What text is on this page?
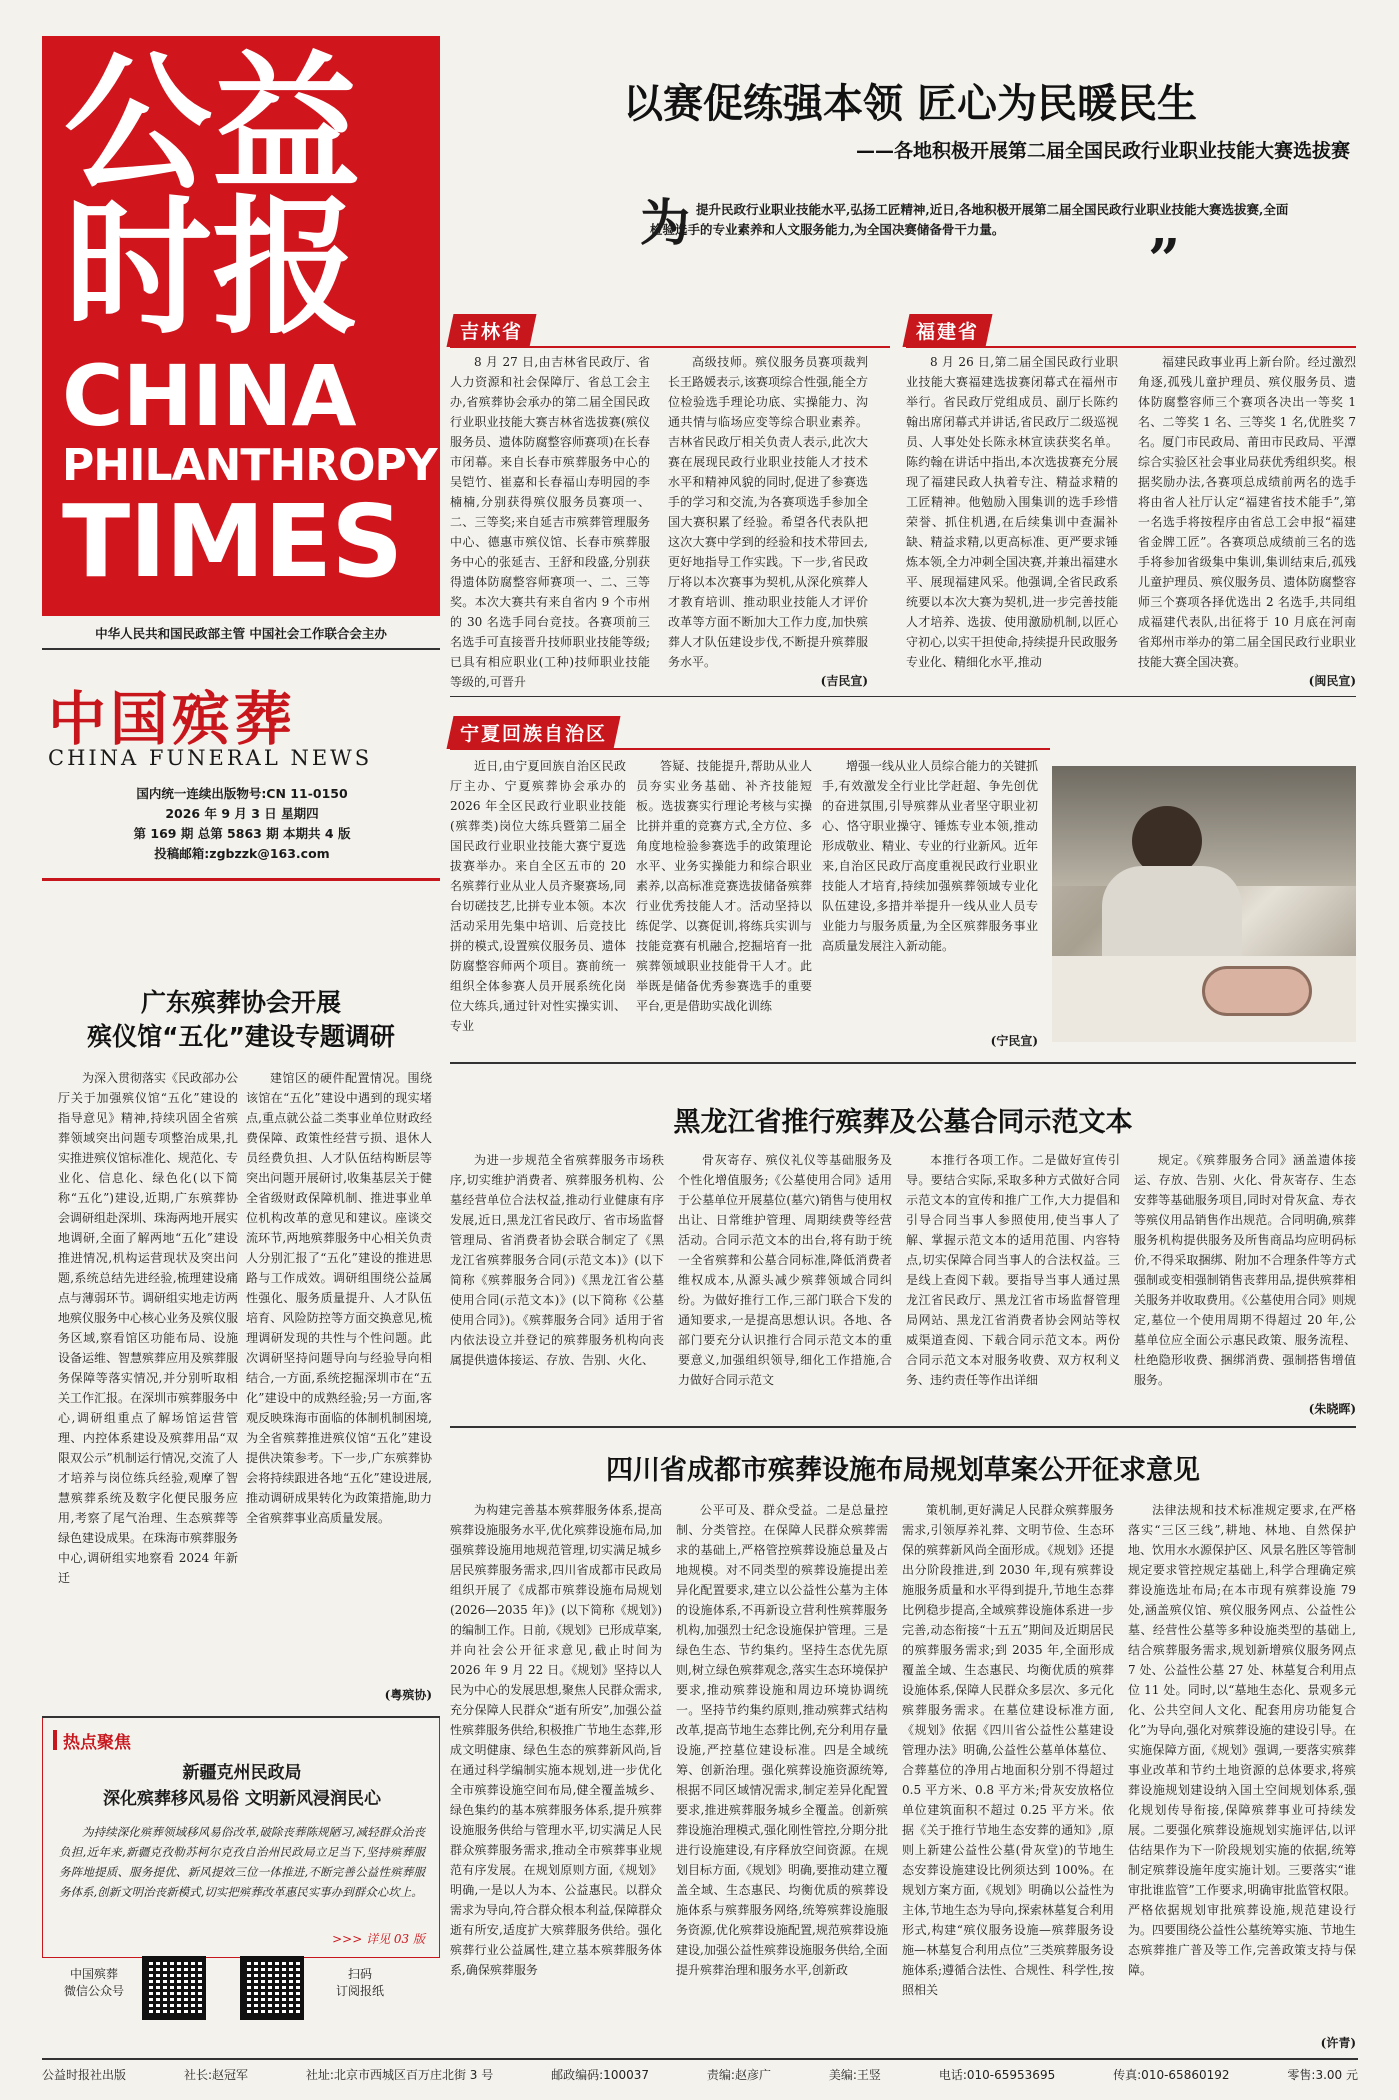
公益
时报
CHINA
PHILANTHROPY
TIMES
中华人民共和国民政部主管 中国社会工作联合会主办
中国殡葬
CHINA FUNERAL NEWS
国内统一连续出版物号:CN 11-0150
2026 年 9 月 3 日 星期四
第 169 期 总第 5863 期 本期共 4 版
投稿邮箱:zgbzzk@163.com
以赛促练强本领 匠心为民暖民生
——各地积极开展第二届全国民政行业职业技能大赛选拔赛
为 提升民政行业职业技能水平,弘扬工匠精神,近日,各地积极开展第二届全国民政行业职业技能大赛选拔赛,全面检验选手的专业素养和人文服务能力,为全国决赛储备骨干力量。	”
吉林省

8 月 27 日,由吉林省民政厅、省人力资源和社会保障厅、省总工会主办,省殡葬协会承办的第二届全国民政行业职业技能大赛吉林省选拔赛(殡仪服务员、遗体防腐整容师赛项)在长春市闭幕。来自长春市殡葬服务中心的吴铠竹、崔嘉和长春福山寿明园的李楠楠,分别获得殡仪服务员赛项一、二、三等奖;来自延吉市殡葬管理服务中心、德惠市殡仪馆、长春市殡葬服务中心的张延吉、王舒和段盛,分别获得遗体防腐整容师赛项一、二、三等奖。本次大赛共有来自省内 9 个市州的 30 名选手同台竞技。各赛项前三名选手可直接晋升技师职业技能等级;已具有相应职业(工种)技师职业技能等级的,可晋升

高级技师。殡仪服务员赛项裁判长王路媛表示,该赛项综合性强,能全方位检验选手理论功底、实操能力、沟通共情与临场应变等综合职业素养。吉林省民政厅相关负责人表示,此次大赛在展现民政行业职业技能人才技术水平和精神风貌的同时,促进了参赛选手的学习和交流,为各赛项选手参加全国大赛积累了经验。希望各代表队把这次大赛中学到的经验和技术带回去,更好地指导工作实践。下一步,省民政厅将以本次赛事为契机,从深化殡葬人才教育培训、推动职业技能人才评价改革等方面不断加大工作力度,加快殡葬人才队伍建设步伐,不断提升殡葬服务水平。

(吉民宣)
福建省

8 月 26 日,第二届全国民政行业职业技能大赛福建选拔赛闭幕式在福州市举行。省民政厅党组成员、副厅长陈约翰出席闭幕式并讲话,省民政厅二级巡视员、人事处处长陈永林宣读获奖名单。陈约翰在讲话中指出,本次选拔赛充分展现了福建民政人执着专注、精益求精的工匠精神。他勉励入围集训的选手珍惜荣誉、抓住机遇,在后续集训中查漏补缺、精益求精,以更高标准、更严要求锤炼本领,全力冲刺全国决赛,并兼出福建水平、展现福建风采。他强调,全省民政系统要以本次大赛为契机,进一步完善技能人才培养、选拔、使用激励机制,以匠心守初心,以实干担使命,持续提升民政服务专业化、精细化水平,推动

福建民政事业再上新台阶。经过激烈角逐,孤残儿童护理员、殡仪服务员、遗体防腐整容师三个赛项各决出一等奖 1 名、二等奖 1 名、三等奖 1 名,优胜奖 7 名。厦门市民政局、莆田市民政局、平潭综合实验区社会事业局获优秀组织奖。根据奖励办法,各赛项总成绩前两名的选手将由省人社厅认定“福建省技术能手”,第一名选手将按程序由省总工会申报“福建省金牌工匠”。各赛项总成绩前三名的选手将参加省级集中集训,集训结束后,孤残儿童护理员、殡仪服务员、遗体防腐整容师三个赛项各择优选出 2 名选手,共同组成福建代表队,出征将于 10 月底在河南省郑州市举办的第二届全国民政行业职业技能大赛全国决赛。

(闽民宣)
宁夏回族自治区

近日,由宁夏回族自治区民政厅主办、宁夏殡葬协会承办的 2026 年全区民政行业职业技能(殡葬类)岗位大练兵暨第二届全国民政行业职业技能大赛宁夏选拔赛举办。来自全区五市的 20 名殡葬行业从业人员齐聚赛场,同台切磋技艺,比拼专业本领。本次活动采用先集中培训、后竞技比拼的模式,设置殡仪服务员、遗体防腐整容师两个项目。赛前统一组织全体参赛人员开展系统化岗位大练兵,通过针对性实操实训、专业

答疑、技能提升,帮助从业人员夯实业务基础、补齐技能短板。选拔赛实行理论考核与实操比拼并重的竞赛方式,全方位、多角度地检验参赛选手的政策理论水平、业务实操能力和综合职业素养,以高标准竞赛选拔储备殡葬行业优秀技能人才。活动坚持以练促学、以赛促训,将练兵实训与技能竞赛有机融合,挖掘培育一批殡葬领域职业技能骨干人才。此举既是储备优秀参赛选手的重要平台,更是借助实战化训练

增强一线从业人员综合能力的关键抓手,有效激发全行业比学赶超、争先创优的奋进氛围,引导殡葬从业者坚守职业初心、恪守职业操守、锤炼专业本领,推动形成敬业、精业、专业的行业新风。近年来,自治区民政厅高度重视民政行业职业技能人才培育,持续加强殡葬领域专业化队伍建设,多措并举提升一线从业人员专业能力与服务质量,为全区殡葬服务事业高质量发展注入新动能。

(宁民宣)
广东殡葬协会开展
殡仪馆“五化”建设专题调研

为深入贯彻落实《民政部办公厅关于加强殡仪馆“五化”建设的指导意见》精神,持续巩固全省殡葬领域突出问题专项整治成果,扎实推进殡仪馆标准化、规范化、专业化、信息化、绿色化(以下简称“五化”)建设,近期,广东殡葬协会调研组赴深圳、珠海两地开展实地调研,全面了解两地“五化”建设推进情况,机构运营现状及突出问题,系统总结先进经验,梳理建设痛点与薄弱环节。调研组实地走访两地殡仪服务中心核心业务及殡仪服务区域,察看馆区功能布局、设施设备运维、智慧殡葬应用及殡葬服务保障等落实情况,并分别听取相关工作汇报。在深圳市殡葬服务中心,调研组重点了解场馆运营管理、内控体系建设及殡葬用品“双限双公示”机制运行情况,交流了人才培养与岗位练兵经验,观摩了智慧殡葬系统及数字化便民服务应用,考察了尾气治理、生态殡葬等绿色建设成果。在珠海市殡葬服务中心,调研组实地察看 2024 年新迁

建馆区的硬件配置情况。围绕该馆在“五化”建设中遇到的现实堵点,重点就公益二类事业单位财政经费保障、政策性经营亏损、退休人员经费负担、人才队伍结构断层等突出问题开展研讨,收集基层关于健全省级财政保障机制、推进事业单位机构改革的意见和建议。座谈交流环节,两地殡葬服务中心相关负责人分别汇报了“五化”建设的推进思路与工作成效。调研组围绕公益属性强化、服务质量提升、人才队伍培育、风险防控等方面交换意见,梳理调研发现的共性与个性问题。此次调研坚持问题导向与经验导向相结合,一方面,系统挖掘深圳市在“五化”建设中的成熟经验;另一方面,客观反映珠海市面临的体制机制困境,为全省殡葬推进殡仪馆“五化”建设提供决策参考。下一步,广东殡葬协会将持续跟进各地“五化”建设进展,推动调研成果转化为政策措施,助力全省殡葬事业高质量发展。

(粤殡协)
热点聚焦
新疆克州民政局
深化殡葬移风易俗 文明新风浸润民心
为持续深化殡葬领域移风易俗改革,破除丧葬陈规陋习,减轻群众治丧负担,近年来,新疆克孜勒苏柯尔克孜自治州民政局立足当下,坚持殡葬服务阵地提质、服务提优、新风提效三位一体推进,不断完善公益性殡葬服务体系,创新文明治丧新模式,切实把殡葬改革惠民实事办到群众心坎上。
>>> 详见 03 版
中国殡葬
微信公众号
扫码
订阅报纸
黑龙江省推行殡葬及公墓合同示范文本

为进一步规范全省殡葬服务市场秩序,切实维护消费者、殡葬服务机构、公墓经营单位合法权益,推动行业健康有序发展,近日,黑龙江省民政厅、省市场监督管理局、省消费者协会联合制定了《黑龙江省殡葬服务合同(示范文本)》(以下简称《殡葬服务合同》)《黑龙江省公墓使用合同(示范文本)》(以下简称《公墓使用合同》)。《殡葬服务合同》适用于省内依法设立并登记的殡葬服务机构向丧属提供遗体接运、存放、告别、火化、

骨灰寄存、殡仪礼仪等基础服务及个性化增值服务;《公墓使用合同》适用于公墓单位开展墓位(墓穴)销售与使用权出让、日常维护管理、周期续费等经营活动。合同示范文本的出台,将有助于统一全省殡葬和公墓合同标准,降低消费者维权成本,从源头减少殡葬领域合同纠纷。为做好推行工作,三部门联合下发的通知要求,一是提高思想认识。各地、各部门要充分认识推行合同示范文本的重要意义,加强组织领导,细化工作措施,合力做好合同示范文

本推行各项工作。二是做好宣传引导。要结合实际,采取多种方式做好合同示范文本的宣传和推广工作,大力提倡和引导合同当事人参照使用,使当事人了解、掌握示范文本的适用范围、内容特点,切实保障合同当事人的合法权益。三是线上查阅下载。要指导当事人通过黑龙江省民政厅、黑龙江省市场监督管理局网站、黑龙江省消费者协会网站等权威渠道查阅、下载合同示范文本。两份合同示范文本对服务收费、双方权利义务、违约责任等作出详细

规定。《殡葬服务合同》涵盖遗体接运、存放、告别、火化、骨灰寄存、生态安葬等基础服务项目,同时对骨灰盒、寿衣等殡仪用品销售作出规范。合同明确,殡葬服务机构提供服务及所售商品均应明码标价,不得采取捆绑、附加不合理条件等方式强制或变相强制销售丧葬用品,提供殡葬相关服务并收取费用。《公墓使用合同》则规定,墓位一个使用周期不得超过 20 年,公墓单位应全面公示惠民政策、服务流程、杜绝隐形收费、捆绑消费、强制搭售增值服务。

(朱晓晖)
四川省成都市殡葬设施布局规划草案公开征求意见

为构建完善基本殡葬服务体系,提高殡葬设施服务水平,优化殡葬设施布局,加强殡葬设施用地规范管理,切实满足城乡居民殡葬服务需求,四川省成都市民政局组织开展了《成都市殡葬设施布局规划(2026—2035 年)》(以下简称《规划》)的编制工作。日前,《规划》已形成草案,并向社会公开征求意见,截止时间为 2026 年 9 月 22 日。《规划》坚持以人民为中心的发展思想,聚焦人民群众需求,充分保障人民群众“逝有所安”,加强公益性殡葬服务供给,积极推广节地生态葬,形成文明健康、绿色生态的殡葬新风尚,旨在通过科学编制实施本规划,进一步优化全市殡葬设施空间布局,健全覆盖城乡、绿色集约的基本殡葬服务体系,提升殡葬设施服务供给与管理水平,切实满足人民群众殡葬服务需求,推动全市殡葬事业规范有序发展。在规划原则方面,《规划》明确,一是以人为本、公益惠民。以群众需求为导向,符合群众根本利益,保障群众逝有所安,适度扩大殡葬服务供给。强化殡葬行业公益属性,建立基本殡葬服务体系,确保殡葬服务

公平可及、群众受益。二是总量控制、分类管控。在保障人民群众殡葬需求的基础上,严格管控殡葬设施总量及占地规模。对不同类型的殡葬设施提出差异化配置要求,建立以公益性公墓为主体的设施体系,不再新设立营利性殡葬服务机构,加强烈士纪念设施保护管理。三是绿色生态、节约集约。坚持生态优先原则,树立绿色殡葬观念,落实生态环境保护要求,推动殡葬设施和周边环境协调统一。坚持节约集约原则,推动殡葬式结构改革,提高节地生态葬比例,充分利用存量设施,严控墓位建设标准。四是全域统筹、创新治理。强化殡葬设施资源统筹,根据不同区域情况需求,制定差异化配置要求,推进殡葬服务城乡全覆盖。创新殡葬设施治理模式,强化刚性管控,分期分批进行设施建设,有序释放空间资源。在规划目标方面,《规划》明确,要推动建立覆盖全域、生态惠民、均衡优质的殡葬设施体系与殡葬服务网络,统筹殡葬设施服务资源,优化殡葬设施配置,规范殡葬设施建设,加强公益性殡葬设施服务供给,全面提升殡葬治理和服务水平,创新政

策机制,更好满足人民群众殡葬服务需求,引领厚养礼葬、文明节俭、生态环保的殡葬新风尚全面形成。《规划》还提出分阶段推进,到 2030 年,现有殡葬设施服务质量和水平得到提升,节地生态葬比例稳步提高,全域殡葬设施体系进一步完善,动态衔接“十五五”期间及近期居民的殡葬服务需求;到 2035 年,全面形成覆盖全域、生态惠民、均衡优质的殡葬设施体系,保障人民群众多层次、多元化殡葬服务需求。在墓位建设标准方面,《规划》依据《四川省公益性公墓建设管理办法》明确,公益性公墓单体墓位、合葬墓位的净用占地面积分别不得超过 0.5 平方米、0.8 平方米;骨灰安放格位单位建筑面积不超过 0.25 平方米。依据《关于推行节地生态安葬的通知》,原则上新建公益性公墓(骨灰堂)的节地生态安葬设施建设比例须达到 100%。在规划方案方面,《规划》明确以公益性为主体,节地生态为导向,探索林墓复合利用形式,构建“殡仪服务设施—殡葬服务设施—林墓复合利用点位”三类殡葬服务设施体系;遵循合法性、合规性、科学性,按照相关

法律法规和技术标准规定要求,在严格落实“三区三线”,耕地、林地、自然保护地、饮用水水源保护区、风景名胜区等管制规定要求管控规定基础上,科学合理确定殡葬设施选址布局;在本市现有殡葬设施 79 处,涵盖殡仪馆、殡仪服务网点、公益性公墓、经营性公墓等多种设施类型的基础上,结合殡葬服务需求,规划新增殡仪服务网点 7 处、公益性公墓 27 处、林墓复合利用点位 11 处。同时,以“墓地生态化、景观多元化、公共空间人文化、配套用房功能复合化”为导向,强化对殡葬设施的建设引导。在实施保障方面,《规划》强调,一要落实殡葬事业改革和节约土地资源的总体要求,将殡葬设施规划建设纳入国土空间规划体系,强化规划传导衔接,保障殡葬事业可持续发展。二要强化殡葬设施规划实施评估,以评估结果作为下一阶段规划实施的依据,统筹制定殡葬设施年度实施计划。三要落实“谁审批谁监管”工作要求,明确审批监管权限。严格依据规划审批殡葬设施,规范建设行为。四要围绕公益性公墓统筹实施、节地生态殡葬推广普及等工作,完善政策支持与保障。

(许青)
公益时报社出版	社长:赵冠军	社址:北京市西城区百万庄北街 3 号	邮政编码:100037	责编:赵彦广	美编:王竖	电话:010-65953695	传真:010-65860192	零售:3.00 元
